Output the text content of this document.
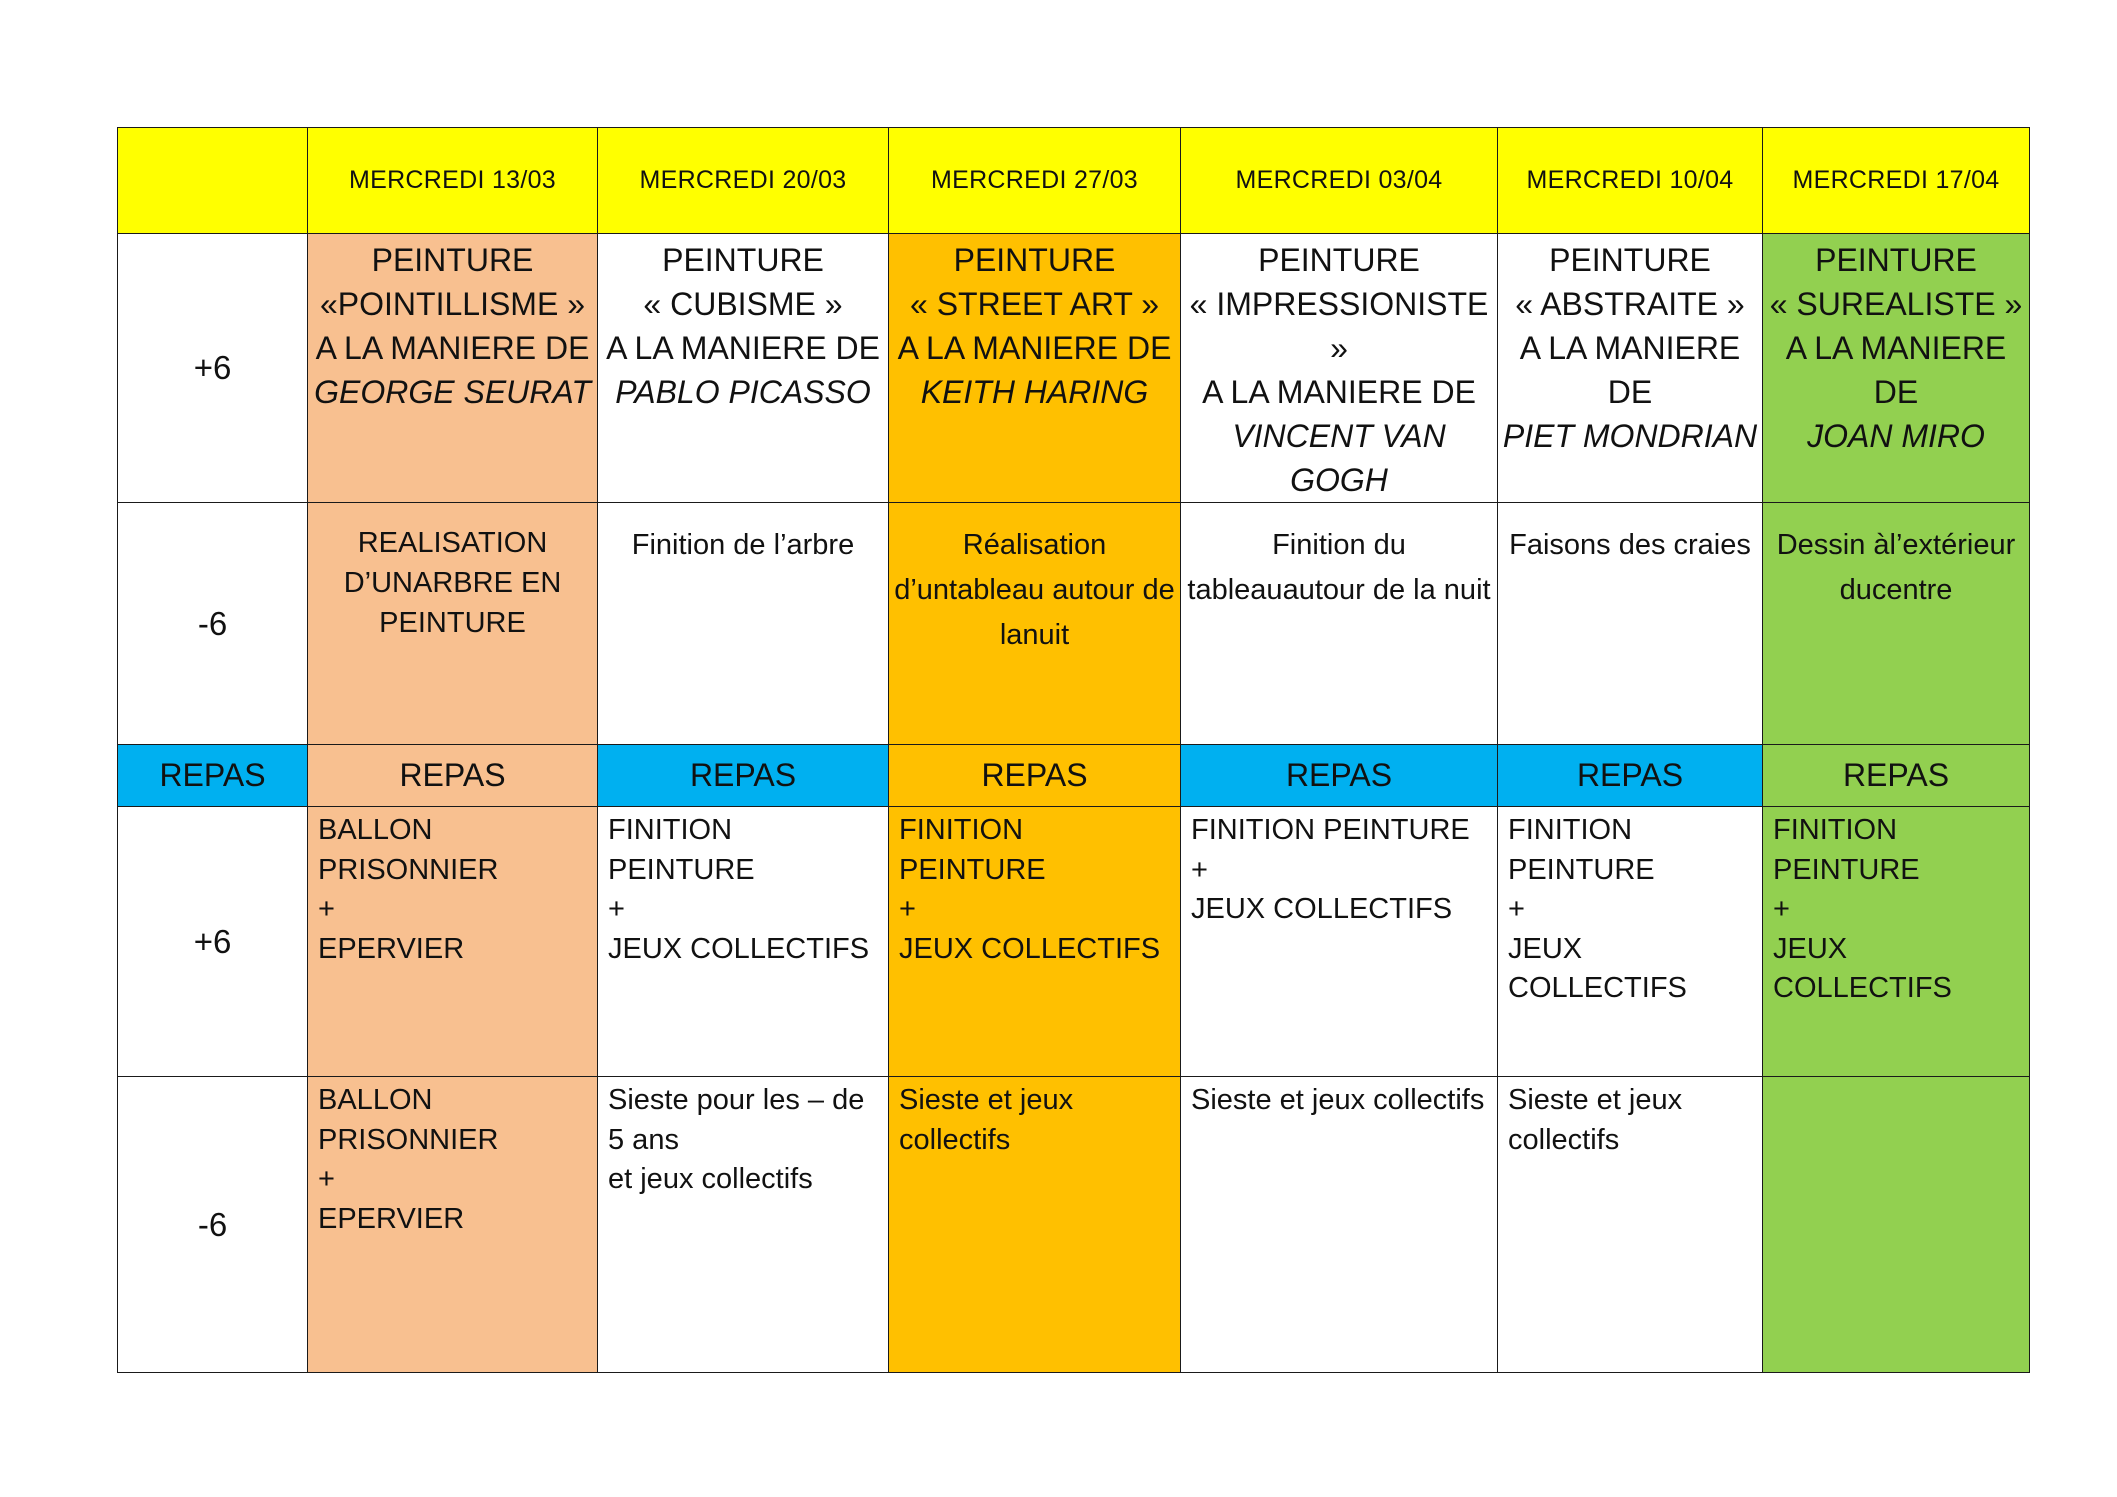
	MERCREDI 13/03	MERCREDI 20/03	MERCREDI 27/03	MERCREDI 03/04	MERCREDI 10/04	MERCREDI 17/04
+6	PEINTURE
«POINTILLISME »
A LA MANIERE DE
GEORGE SEURAT	PEINTURE
« CUBISME »
A LA MANIERE DE
PABLO PICASSO	PEINTURE
« STREET ART »
A LA MANIERE DE
KEITH HARING	PEINTURE
« IMPRESSIONISTE »
A LA MANIERE DE
VINCENT VAN
GOGH	PEINTURE
« ABSTRAITE »
A LA MANIERE
DE
PIET MONDRIAN	PEINTURE
« SUREALISTE »
A LA MANIERE
DE
JOAN MIRO

-6	REALISATION D’UNARBRE EN PEINTURE	Finition de l’arbre	Réalisation d’untableau autour de lanuit	Finition du tableauautour de la nuit	Faisons des craies	Dessin àl’extérieur ducentre
REPAS	REPAS	REPAS	REPAS	REPAS	REPAS	REPAS
+6	BALLON
PRISONNIER
+
EPERVIER	FINITION PEINTURE
+
JEUX COLLECTIFS	FINITION PEINTURE
+
JEUX COLLECTIFS	FINITION PEINTURE
+
JEUX COLLECTIFS	FINITION
PEINTURE
+
JEUX COLLECTIFS	FINITION
PEINTURE
+
JEUX COLLECTIFS

-6	BALLON
PRISONNIER
+
EPERVIER	Sieste pour les – de
5 ans
et jeux collectifs	Sieste et jeux
collectifs	Sieste et jeux collectifs	Sieste et jeux
collectifs	
